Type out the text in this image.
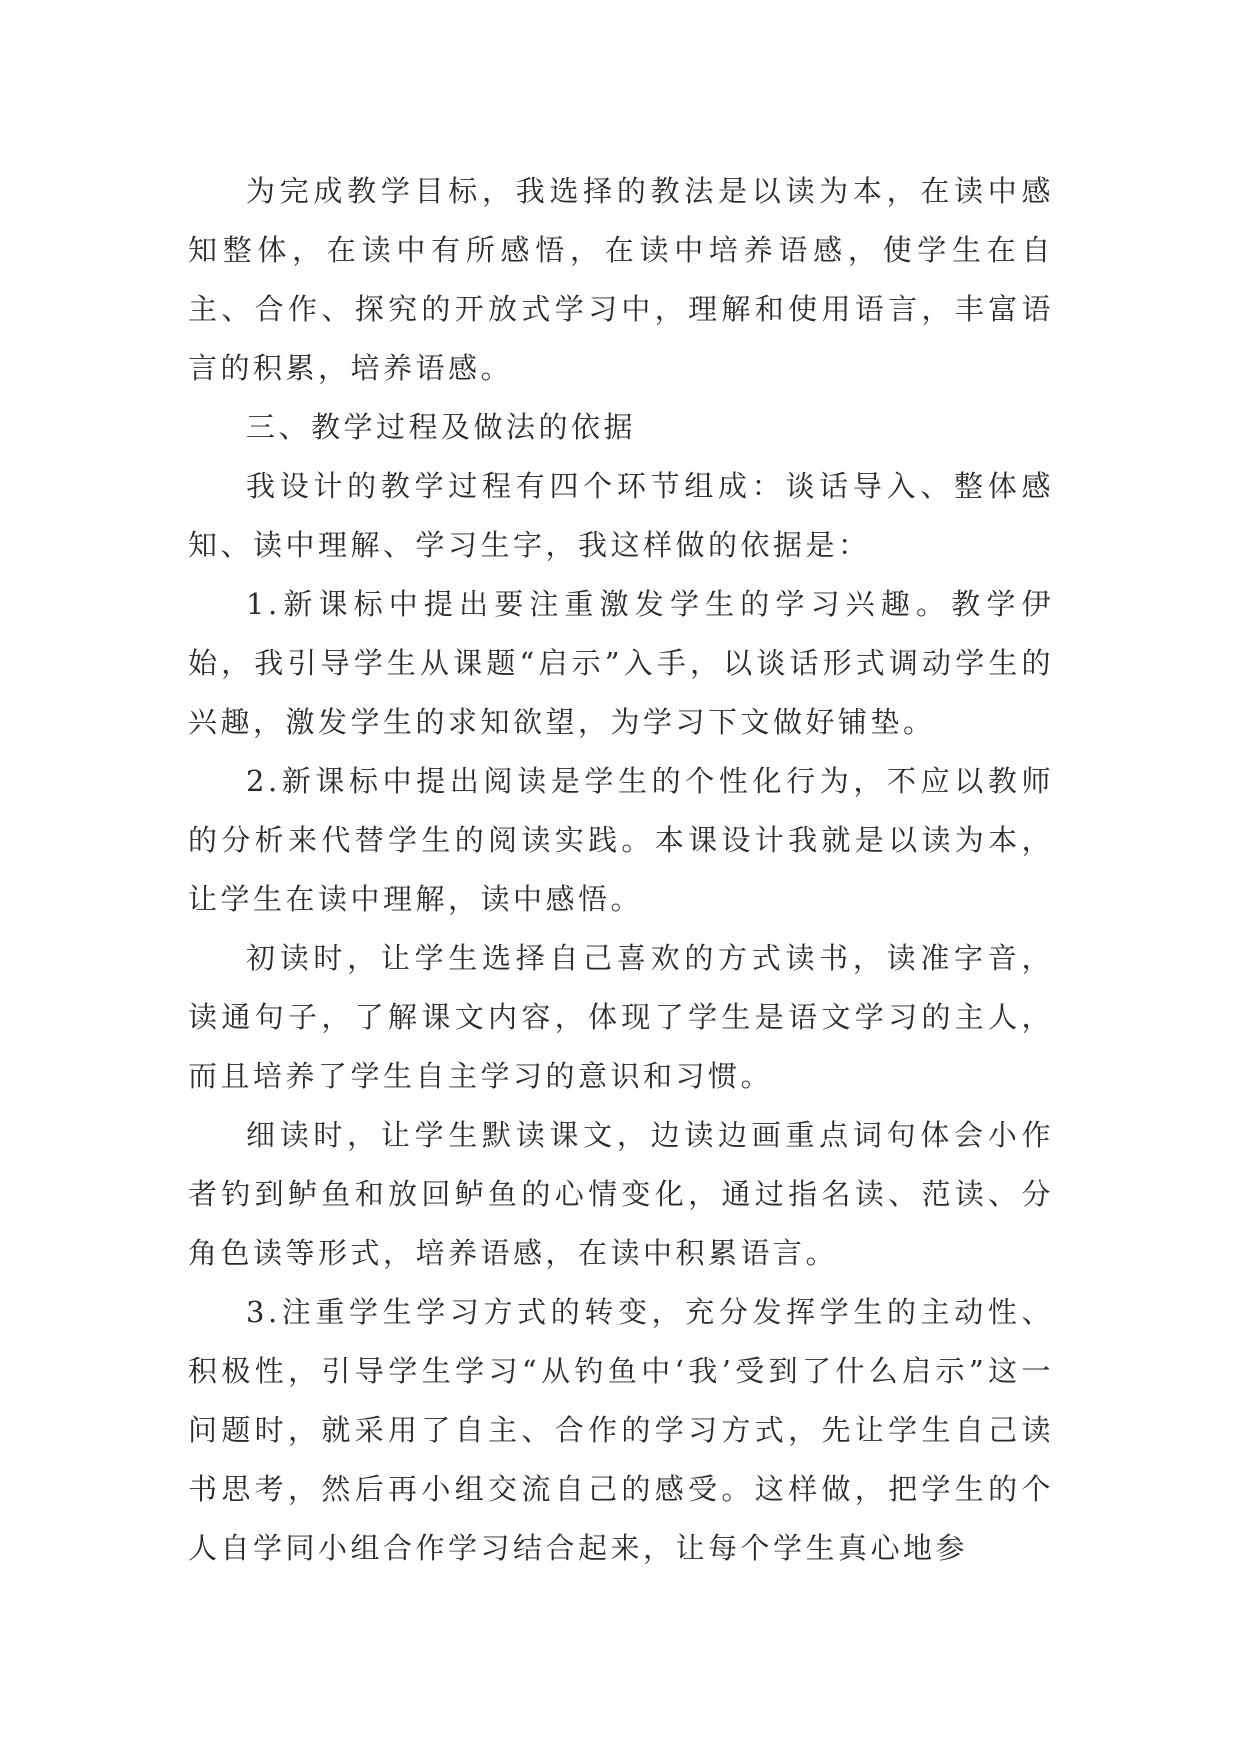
为完成教学目标，我选择的教法是以读为本，在读中感知整体，在读中有所感悟，在读中培养语感，使学生在自主、合作、探究的开放式学习中，理解和使用语言，丰富语言的积累，培养语感。

三、教学过程及做法的依据

我设计的教学过程有四个环节组成：谈话导入、整体感知、读中理解、学习生字，我这样做的依据是：

1.新课标中提出要注重激发学生的学习兴趣。教学伊始，我引导学生从课题“启示”入手，以谈话形式调动学生的兴趣，激发学生的求知欲望，为学习下文做好铺垫。

2.新课标中提出阅读是学生的个性化行为，不应以教师的分析来代替学生的阅读实践。本课设计我就是以读为本，让学生在读中理解，读中感悟。

初读时，让学生选择自己喜欢的方式读书，读准字音，读通句子，了解课文内容，体现了学生是语文学习的主人，而且培养了学生自主学习的意识和习惯。

细读时，让学生默读课文，边读边画重点词句体会小作者钓到鲈鱼和放回鲈鱼的心情变化，通过指名读、范读、分角色读等形式，培养语感，在读中积累语言。

3.注重学生学习方式的转变，充分发挥学生的主动性、积极性，引导学生学习“从钓鱼中‘我’受到了什么启示”这一问题时，就采用了自主、合作的学习方式，先让学生自己读书思考，然后再小组交流自己的感受。这样做，把学生的个人自学同小组合作学习结合起来，让每个学生真心地参
